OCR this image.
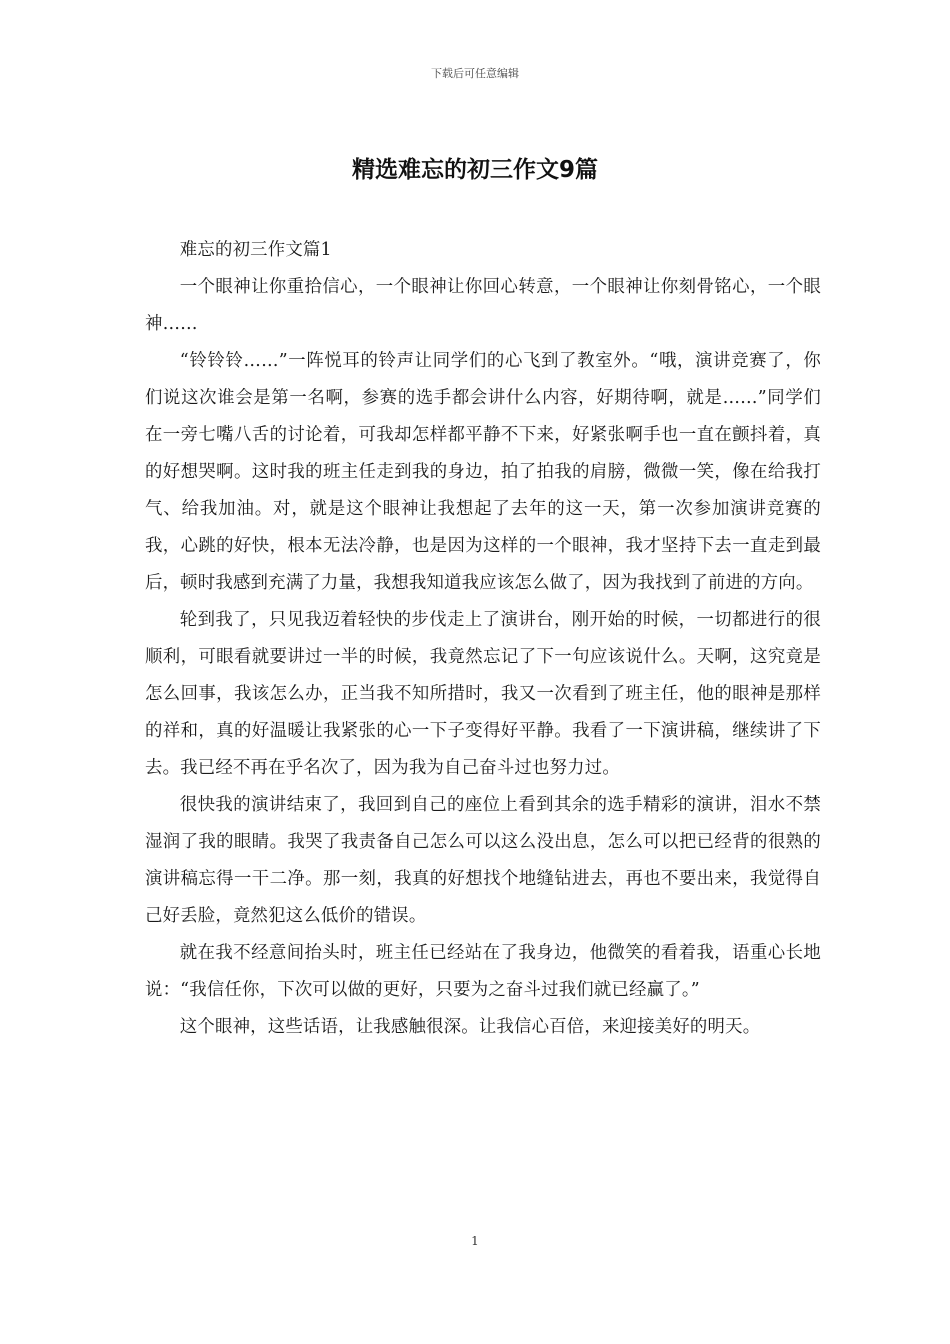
下载后可任意编辑
精选难忘的初三作文9篇

难忘的初三作文篇1

一个眼神让你重拾信心，一个眼神让你回心转意，一个眼神让你刻骨铭心，一个眼神……

“铃铃铃……”一阵悦耳的铃声让同学们的心飞到了教室外。“哦，演讲竞赛了，你们说这次谁会是第一名啊，参赛的选手都会讲什么内容，好期待啊，就是……”同学们在一旁七嘴八舌的讨论着，可我却怎样都平静不下来，好紧张啊手也一直在颤抖着，真的好想哭啊。这时我的班主任走到我的身边，拍了拍我的肩膀，微微一笑，像在给我打气、给我加油。对，就是这个眼神让我想起了去年的这一天，第一次参加演讲竞赛的我，心跳的好快，根本无法冷静，也是因为这样的一个眼神，我才坚持下去一直走到最后，顿时我感到充满了力量，我想我知道我应该怎么做了，因为我找到了前进的方向。

轮到我了，只见我迈着轻快的步伐走上了演讲台，刚开始的时候，一切都进行的很顺利，可眼看就要讲过一半的时候，我竟然忘记了下一句应该说什么。天啊，这究竟是怎么回事，我该怎么办，正当我不知所措时，我又一次看到了班主任，他的眼神是那样的祥和，真的好温暖让我紧张的心一下子变得好平静。我看了一下演讲稿，继续讲了下去。我已经不再在乎名次了，因为我为自己奋斗过也努力过。

很快我的演讲结束了，我回到自己的座位上看到其余的选手精彩的演讲，泪水不禁湿润了我的眼睛。我哭了我责备自己怎么可以这么没出息，怎么可以把已经背的很熟的演讲稿忘得一干二净。那一刻，我真的好想找个地缝钻进去，再也不要出来，我觉得自己好丢脸，竟然犯这么低价的错误。

就在我不经意间抬头时，班主任已经站在了我身边，他微笑的看着我，语重心长地说：“我信任你，下次可以做的更好，只要为之奋斗过我们就已经赢了。”

这个眼神，这些话语，让我感触很深。让我信心百倍，来迎接美好的明天。

1
